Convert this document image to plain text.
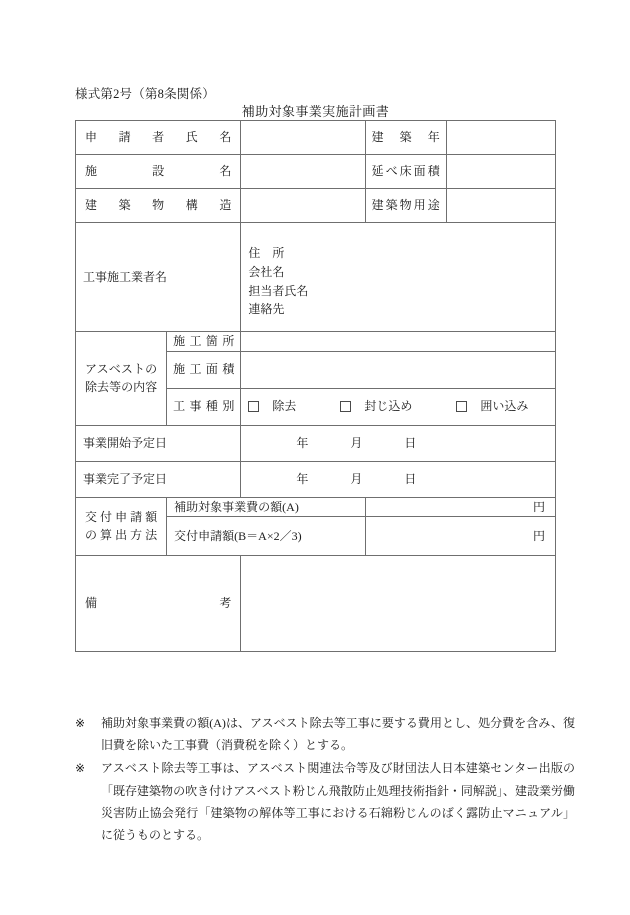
様式第2号（第8条関係）
補助対象事業実施計画書
申請者氏名			建築年	
施設名			延べ床面積	
建築物構造			建築物用途	
工事施工業者名		住　所
会社名
担当者氏名
連絡先		

アスベストの
除去等の内容	施工箇所			
	施工面積			
	工事種別	除去 封じ込め 囲い込み		

事業開始予定日		年 月 日		

事業完了予定日		年 月 日		

交付申請額
の算出方法	補助対象事業費の額(A)		円	
	交付申請額(B＝A×2／3)		円	
備考				
※	補助対象事業費の額(A)は、アスベスト除去等工事に要する費用とし、処分費を含み、復旧費を除いた工事費（消費税を除く）とする。
※	アスベスト除去等工事は、アスベスト関連法令等及び財団法人日本建築センター出版の「既存建築物の吹き付けアスベスト粉じん飛散防止処理技術指針・同解説」、建設業労働災害防止協会発行「建築物の解体等工事における石綿粉じんのばく露防止マニュアル」に従うものとする。
